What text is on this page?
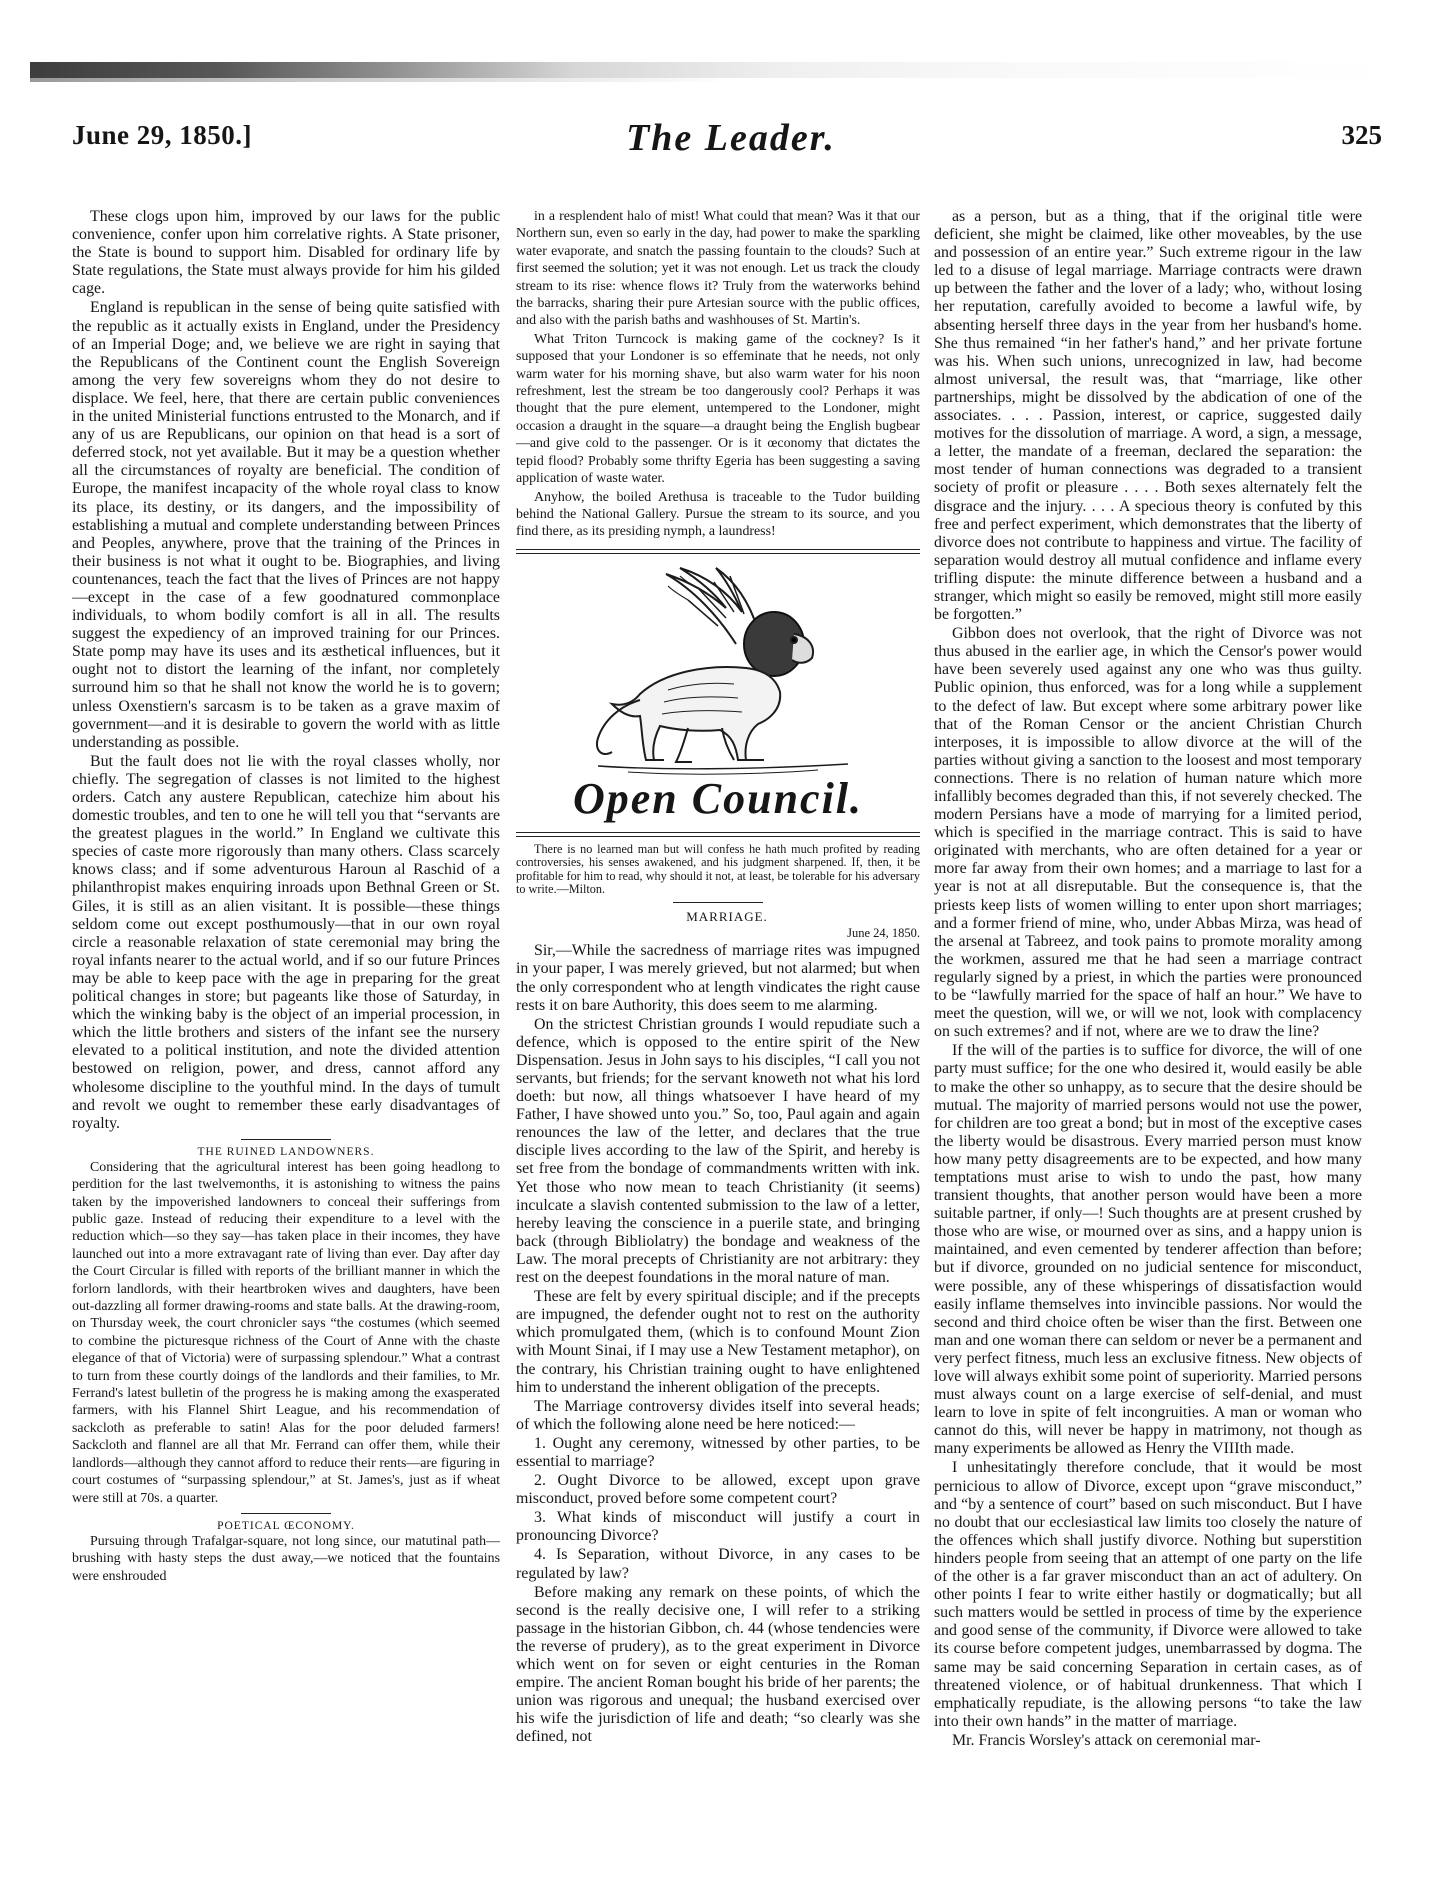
June 29, 1850.]	The Leader.	325

These clogs upon him, improved by our laws for the public convenience, confer upon him correlative rights. A State prisoner, the State is bound to support him. Disabled for ordinary life by State regulations, the State must always provide for him his gilded cage.

England is republican in the sense of being quite satisfied with the republic as it actually exists in England, under the Presidency of an Imperial Doge; and, we believe we are right in saying that the Republicans of the Continent count the English Sovereign among the very few sovereigns whom they do not desire to displace. We feel, here, that there are certain public conveniences in the united Ministerial functions entrusted to the Monarch, and if any of us are Republicans, our opinion on that head is a sort of deferred stock, not yet available. But it may be a question whether all the circumstances of royalty are beneficial. The condition of Europe, the manifest incapacity of the whole royal class to know its place, its destiny, or its dangers, and the impossibility of establishing a mutual and complete understanding between Princes and Peoples, anywhere, prove that the training of the Princes in their business is not what it ought to be. Biographies, and living countenances, teach the fact that the lives of Princes are not happy—except in the case of a few goodnatured commonplace individuals, to whom bodily comfort is all in all. The results suggest the expediency of an improved training for our Princes. State pomp may have its uses and its æsthetical influences, but it ought not to distort the learning of the infant, nor completely surround him so that he shall not know the world he is to govern; unless Oxenstiern's sarcasm is to be taken as a grave maxim of government—and it is desirable to govern the world with as little understanding as possible.

But the fault does not lie with the royal classes wholly, nor chiefly. The segregation of classes is not limited to the highest orders. Catch any austere Republican, catechize him about his domestic troubles, and ten to one he will tell you that “servants are the greatest plagues in the world.” In England we cultivate this species of caste more rigorously than many others. Class scarcely knows class; and if some adventurous Haroun al Raschid of a philanthropist makes enquiring inroads upon Bethnal Green or St. Giles, it is still as an alien visitant. It is possible—these things seldom come out except posthumously—that in our own royal circle a reasonable relaxation of state ceremonial may bring the royal infants nearer to the actual world, and if so our future Princes may be able to keep pace with the age in preparing for the great political changes in store; but pageants like those of Saturday, in which the winking baby is the object of an imperial procession, in which the little brothers and sisters of the infant see the nursery elevated to a political institution, and note the divided attention bestowed on religion, power, and dress, cannot afford any wholesome discipline to the youthful mind. In the days of tumult and revolt we ought to remember these early disadvantages of royalty.

THE RUINED LANDOWNERS.

Considering that the agricultural interest has been going headlong to perdition for the last twelvemonths, it is astonishing to witness the pains taken by the impoverished landowners to conceal their sufferings from public gaze. Instead of reducing their expenditure to a level with the reduction which—so they say—has taken place in their incomes, they have launched out into a more extravagant rate of living than ever. Day after day the Court Circular is filled with reports of the brilliant manner in which the forlorn landlords, with their heartbroken wives and daughters, have been out-dazzling all former drawing-rooms and state balls. At the drawing-room, on Thursday week, the court chronicler says “the costumes (which seemed to combine the picturesque richness of the Court of Anne with the chaste elegance of that of Victoria) were of surpassing splendour.” What a contrast to turn from these courtly doings of the landlords and their families, to Mr. Ferrand's latest bulletin of the progress he is making among the exasperated farmers, with his Flannel Shirt League, and his recommendation of sackcloth as preferable to satin! Alas for the poor deluded farmers! Sackcloth and flannel are all that Mr. Ferrand can offer them, while their landlords—although they cannot afford to reduce their rents—are figuring in court costumes of “surpassing splendour,” at St. James's, just as if wheat were still at 70s. a quarter.

POETICAL ŒCONOMY.

Pursuing through Trafalgar-square, not long since, our matutinal path—brushing with hasty steps the dust away,—we noticed that the fountains were enshrouded

in a resplendent halo of mist! What could that mean? Was it that our Northern sun, even so early in the day, had power to make the sparkling water evaporate, and snatch the passing fountain to the clouds? Such at first seemed the solution; yet it was not enough. Let us track the cloudy stream to its rise: whence flows it? Truly from the waterworks behind the barracks, sharing their pure Artesian source with the public offices, and also with the parish baths and washhouses of St. Martin's.

What Triton Turncock is making game of the cockney? Is it supposed that your Londoner is so effeminate that he needs, not only warm water for his morning shave, but also warm water for his noon refreshment, lest the stream be too dangerously cool? Perhaps it was thought that the pure element, untempered to the Londoner, might occasion a draught in the square—a draught being the English bugbear—and give cold to the passenger. Or is it œconomy that dictates the tepid flood? Probably some thrifty Egeria has been suggesting a saving application of waste water.

Anyhow, the boiled Arethusa is traceable to the Tudor building behind the National Gallery. Pursue the stream to its source, and you find there, as its presiding nymph, a laundress!

Open Council.

There is no learned man but will confess he hath much profited by reading controversies, his senses awakened, and his judgment sharpened. If, then, it be profitable for him to read, why should it not, at least, be tolerable for his adversary to write.—Milton.

MARRIAGE.

June 24, 1850.

Sir,—While the sacredness of marriage rites was impugned in your paper, I was merely grieved, but not alarmed; but when the only correspondent who at length vindicates the right cause rests it on bare Authority, this does seem to me alarming.

On the strictest Christian grounds I would repudiate such a defence, which is opposed to the entire spirit of the New Dispensation. Jesus in John says to his disciples, “I call you not servants, but friends; for the servant knoweth not what his lord doeth: but now, all things whatsoever I have heard of my Father, I have showed unto you.” So, too, Paul again and again renounces the law of the letter, and declares that the true disciple lives according to the law of the Spirit, and hereby is set free from the bondage of commandments written with ink. Yet those who now mean to teach Christianity (it seems) inculcate a slavish contented submission to the law of a letter, hereby leaving the conscience in a puerile state, and bringing back (through Bibliolatry) the bondage and weakness of the Law. The moral precepts of Christianity are not arbitrary: they rest on the deepest foundations in the moral nature of man.

These are felt by every spiritual disciple; and if the precepts are impugned, the defender ought not to rest on the authority which promulgated them, (which is to confound Mount Zion with Mount Sinai, if I may use a New Testament metaphor), on the contrary, his Christian training ought to have enlightened him to understand the inherent obligation of the precepts.

The Marriage controversy divides itself into several heads; of which the following alone need be here noticed:—

1. Ought any ceremony, witnessed by other parties, to be essential to marriage?

2. Ought Divorce to be allowed, except upon grave misconduct, proved before some competent court?

3. What kinds of misconduct will justify a court in pronouncing Divorce?

4. Is Separation, without Divorce, in any cases to be regulated by law?

Before making any remark on these points, of which the second is the really decisive one, I will refer to a striking passage in the historian Gibbon, ch. 44 (whose tendencies were the reverse of prudery), as to the great experiment in Divorce which went on for seven or eight centuries in the Roman empire. The ancient Roman bought his bride of her parents; the union was rigorous and unequal; the husband exercised over his wife the jurisdiction of life and death; “so clearly was she defined, not

as a person, but as a thing, that if the original title were deficient, she might be claimed, like other moveables, by the use and possession of an entire year.” Such extreme rigour in the law led to a disuse of legal marriage. Marriage contracts were drawn up between the father and the lover of a lady; who, without losing her reputation, carefully avoided to become a lawful wife, by absenting herself three days in the year from her husband's home. She thus remained “in her father's hand,” and her private fortune was his. When such unions, unrecognized in law, had become almost universal, the result was, that “marriage, like other partnerships, might be dissolved by the abdication of one of the associates. . . . Passion, interest, or caprice, suggested daily motives for the dissolution of marriage. A word, a sign, a message, a letter, the mandate of a freeman, declared the separation: the most tender of human connections was degraded to a transient society of profit or pleasure . . . . Both sexes alternately felt the disgrace and the injury. . . . A specious theory is confuted by this free and perfect experiment, which demonstrates that the liberty of divorce does not contribute to happiness and virtue. The facility of separation would destroy all mutual confidence and inflame every trifling dispute: the minute difference between a husband and a stranger, which might so easily be removed, might still more easily be forgotten.”

Gibbon does not overlook, that the right of Divorce was not thus abused in the earlier age, in which the Censor's power would have been severely used against any one who was thus guilty. Public opinion, thus enforced, was for a long while a supplement to the defect of law. But except where some arbitrary power like that of the Roman Censor or the ancient Christian Church interposes, it is impossible to allow divorce at the will of the parties without giving a sanction to the loosest and most temporary connections. There is no relation of human nature which more infallibly becomes degraded than this, if not severely checked. The modern Persians have a mode of marrying for a limited period, which is specified in the marriage contract. This is said to have originated with merchants, who are often detained for a year or more far away from their own homes; and a marriage to last for a year is not at all disreputable. But the consequence is, that the priests keep lists of women willing to enter upon short marriages; and a former friend of mine, who, under Abbas Mirza, was head of the arsenal at Tabreez, and took pains to promote morality among the workmen, assured me that he had seen a marriage contract regularly signed by a priest, in which the parties were pronounced to be “lawfully married for the space of half an hour.” We have to meet the question, will we, or will we not, look with complacency on such extremes? and if not, where are we to draw the line?

If the will of the parties is to suffice for divorce, the will of one party must suffice; for the one who desired it, would easily be able to make the other so unhappy, as to secure that the desire should be mutual. The majority of married persons would not use the power, for children are too great a bond; but in most of the exceptive cases the liberty would be disastrous. Every married person must know how many petty disagreements are to be expected, and how many temptations must arise to wish to undo the past, how many transient thoughts, that another person would have been a more suitable partner, if only—! Such thoughts are at present crushed by those who are wise, or mourned over as sins, and a happy union is maintained, and even cemented by tenderer affection than before; but if divorce, grounded on no judicial sentence for misconduct, were possible, any of these whisperings of dissatisfaction would easily inflame themselves into invincible passions. Nor would the second and third choice often be wiser than the first. Between one man and one woman there can seldom or never be a permanent and very perfect fitness, much less an exclusive fitness. New objects of love will always exhibit some point of superiority. Married persons must always count on a large exercise of self-denial, and must learn to love in spite of felt incongruities. A man or woman who cannot do this, will never be happy in matrimony, not though as many experiments be allowed as Henry the VIIIth made.

I unhesitatingly therefore conclude, that it would be most pernicious to allow of Divorce, except upon “grave misconduct,” and “by a sentence of court” based on such misconduct. But I have no doubt that our ecclesiastical law limits too closely the nature of the offences which shall justify divorce. Nothing but superstition hinders people from seeing that an attempt of one party on the life of the other is a far graver misconduct than an act of adultery. On other points I fear to write either hastily or dogmatically; but all such matters would be settled in process of time by the experience and good sense of the community, if Divorce were allowed to take its course before competent judges, unembarrassed by dogma. The same may be said concerning Separation in certain cases, as of threatened violence, or of habitual drunkenness. That which I emphatically repudiate, is the allowing persons “to take the law into their own hands” in the matter of marriage.

Mr. Francis Worsley's attack on ceremonial mar-
